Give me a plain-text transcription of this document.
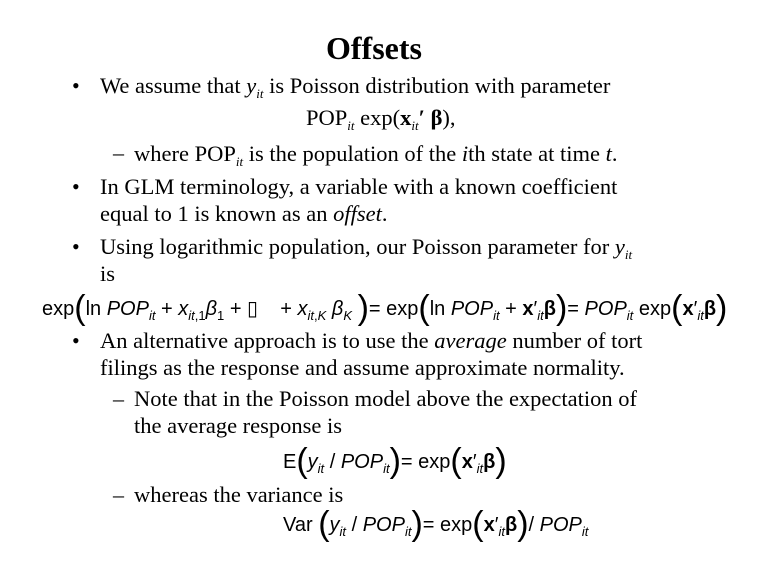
Offsets
• We assume that $y_{it}$ is Poisson distribution with parameter
$POP_{it}$ $\exp(x_{it}'$ β),
– where $POP_{it}$ is the population of the ith state at time t.
• In GLM terminology, a variable with a known coefficient
equal to 1 is known as an offset.
• Using logarithmic population, our Poisson parameter for $y_{it}$
is
exp(ln $POP_{it} + x_{it,1}\beta_1$ + ▯    + $x_{it,K}$ $\beta_K$ )= exp(ln $POP_{it} + x'_{it}\beta)= POP_{it}$ $\exp(x'_{it}\beta)$
• An alternative approach is to use the average number of tort
filings as the response and assume approximate normality.
– Note that in the Poisson model above the expectation of
the average response is
$E(y_{it} / POP_{it})= \exp(x'_{it}\beta)$
– whereas the variance is
Var $(y_{it} / POP_{it})= \exp(x'_{it}\beta)/$ $POP_{it}$
